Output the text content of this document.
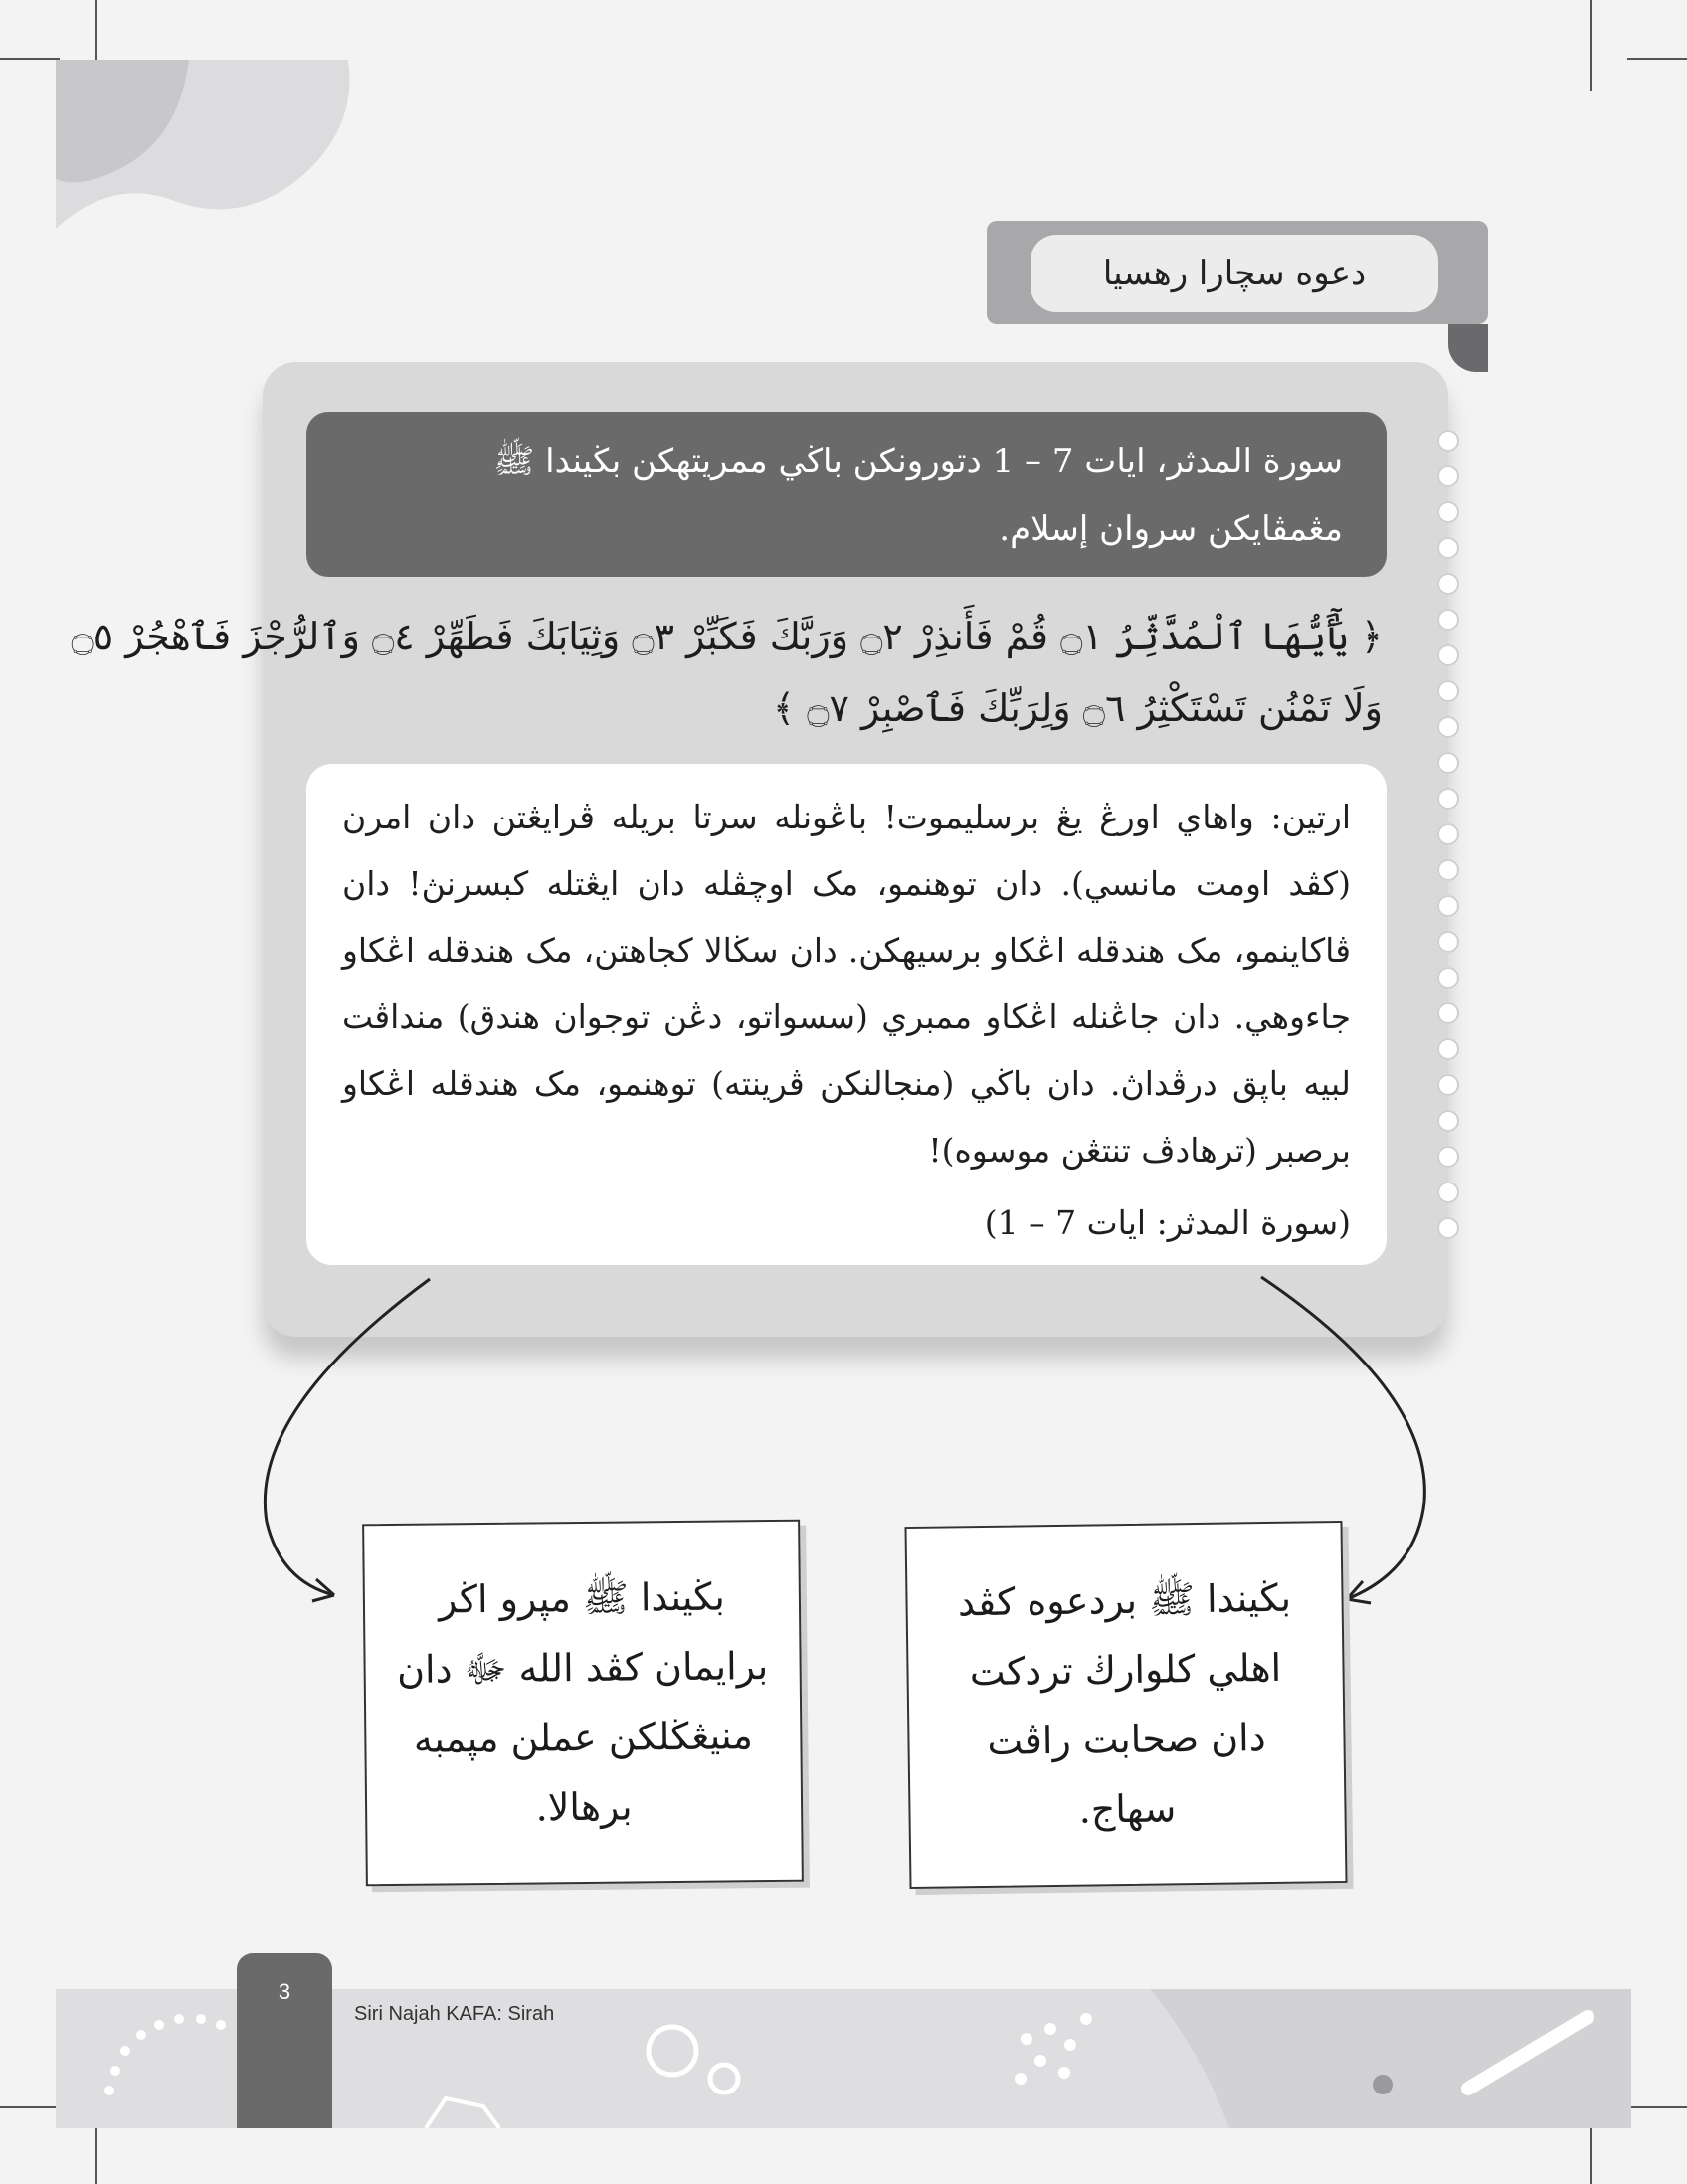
دعوه سچارا رهسيا
سورة المدثر، ايات 7 – 1 دتورونكن باڬي ممريتهكن بڬيندا ﷺ مڠمڤايكن سروان إسلام.
﴿ يَٰٓأَيُّهَا ٱلْمُدَّثِّرُ ۝١ قُمْ فَأَنذِرْ ۝٢ وَرَبَّكَ فَكَبِّرْ ۝٣ وَثِيَابَكَ فَطَهِّرْ ۝٤ وَٱلرُّجْزَ فَٱهْجُرْ ۝٥
وَلَا تَمْنُن تَسْتَكْثِرُ ۝٦ وَلِرَبِّكَ فَٱصْبِرْ ۝٧ ﴾
ارتين: واهاي اورڠ يڠ برسليموت! باڠونله سرتا بريله ڤرايڠتن دان امرن (كڤد اومت مانسي). دان توهنمو، مک اوچڤله دان ايڠتله كبسرنڽ! دان ڤاكاينمو، مک هندقله اڠكاو برسيهكن. دان سڬالا كجاهتن، مک هندقله اڠكاو جاءوهي. دان جاڠنله اڠكاو ممبري (سسواتو، دڠن توجوان هندق) منداڤت لبيه باڽق درڤداڽ. دان باڬي (منجالنكن ڤرينته) توهنمو، مک هندقله اڠكاو برصبر (ترهادڤ تنتڠن موسوه)!
(سورة المدثر: ايات 7 – 1)
بڬيندا ﷺ مڽرو اڬر برايمان كڤد الله ﷻ دان منيڠڬلكن عملن مڽمبه برهالا.
بڬيندا ﷺ بردعوه كڤد اهلي كلوارڬ تردكت دان صحابت راڤت سهاج.
3
Siri Najah KAFA: Sirah
